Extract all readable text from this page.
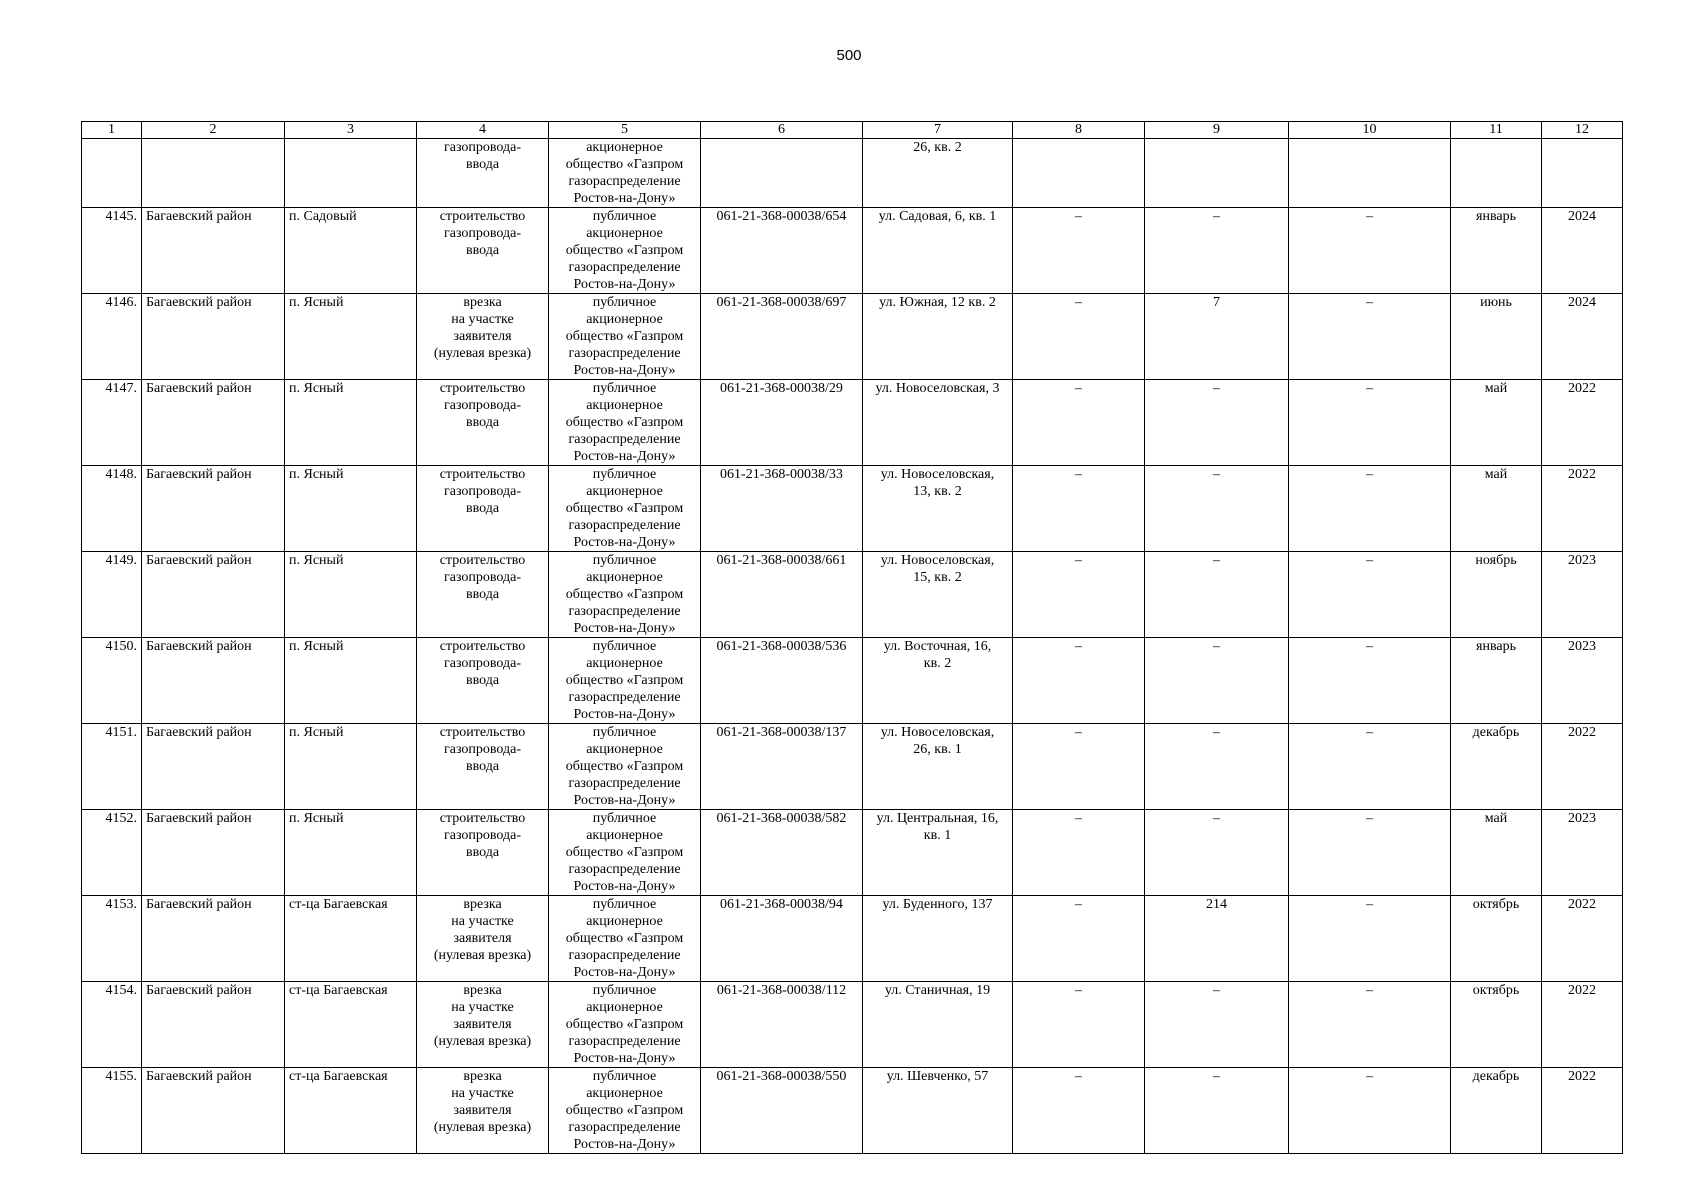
500
1	2	3	4	5	6	7	8	9	10	11	12

			газопровода-
ввода	акционерное
общество «Газпром
газораспределение
Ростов-на-Дону»		26, кв. 2					

4145.	Багаевский район	п. Садовый	строительство
газопровода-
ввода	публичное
акционерное
общество «Газпром
газораспределение
Ростов-на-Дону»	061-21-368-00038/654	ул. Садовая, 6, кв. 1	–	–	–	январь	2024
4146.	Багаевский район	п. Ясный	врезка
на участке
заявителя
(нулевая врезка)	публичное
акционерное
общество «Газпром
газораспределение
Ростов-на-Дону»	061-21-368-00038/697	ул. Южная, 12 кв. 2	–	7	–	июнь	2024
4147.	Багаевский район	п. Ясный	строительство
газопровода-
ввода	публичное
акционерное
общество «Газпром
газораспределение
Ростов-на-Дону»	061-21-368-00038/29	ул. Новоселовская, 3	–	–	–	май	2022
4148.	Багаевский район	п. Ясный	строительство
газопровода-
ввода	публичное
акционерное
общество «Газпром
газораспределение
Ростов-на-Дону»	061-21-368-00038/33	ул. Новоселовская,
13, кв. 2	–	–	–	май	2022
4149.	Багаевский район	п. Ясный	строительство
газопровода-
ввода	публичное
акционерное
общество «Газпром
газораспределение
Ростов-на-Дону»	061-21-368-00038/661	ул. Новоселовская,
15, кв. 2	–	–	–	ноябрь	2023
4150.	Багаевский район	п. Ясный	строительство
газопровода-
ввода	публичное
акционерное
общество «Газпром
газораспределение
Ростов-на-Дону»	061-21-368-00038/536	ул. Восточная, 16,
кв. 2	–	–	–	январь	2023
4151.	Багаевский район	п. Ясный	строительство
газопровода-
ввода	публичное
акционерное
общество «Газпром
газораспределение
Ростов-на-Дону»	061-21-368-00038/137	ул. Новоселовская,
26, кв. 1	–	–	–	декабрь	2022
4152.	Багаевский район	п. Ясный	строительство
газопровода-
ввода	публичное
акционерное
общество «Газпром
газораспределение
Ростов-на-Дону»	061-21-368-00038/582	ул. Центральная, 16,
кв. 1	–	–	–	май	2023
4153.	Багаевский район	ст-ца Багаевская	врезка
на участке
заявителя
(нулевая врезка)	публичное
акционерное
общество «Газпром
газораспределение
Ростов-на-Дону»	061-21-368-00038/94	ул. Буденного, 137	–	214	–	октябрь	2022
4154.	Багаевский район	ст-ца Багаевская	врезка
на участке
заявителя
(нулевая врезка)	публичное
акционерное
общество «Газпром
газораспределение
Ростов-на-Дону»	061-21-368-00038/112	ул. Станичная, 19	–	–	–	октябрь	2022
4155.	Багаевский район	ст-ца Багаевская	врезка
на участке
заявителя
(нулевая врезка)	публичное
акционерное
общество «Газпром
газораспределение
Ростов-на-Дону»	061-21-368-00038/550	ул. Шевченко, 57	–	–	–	декабрь	2022
